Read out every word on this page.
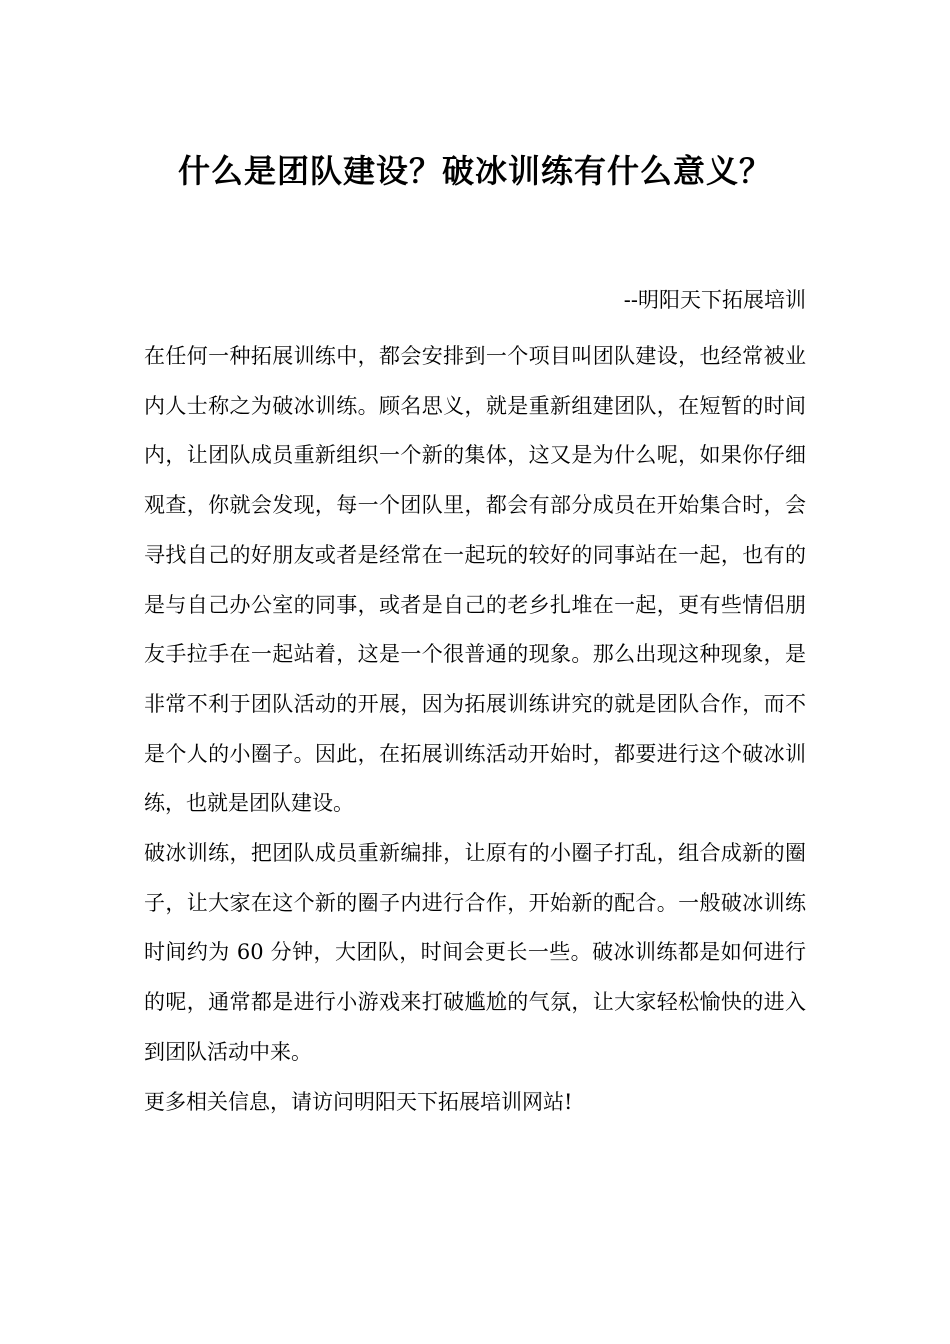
什么是团队建设？破冰训练有什么意义？

--明阳天下拓展培训

在任何一种拓展训练中，都会安排到一个项目叫团队建设，也经常被业内人士称之为破冰训练。顾名思义，就是重新组建团队，在短暂的时间内，让团队成员重新组织一个新的集体，这又是为什么呢，如果你仔细观查，你就会发现，每一个团队里，都会有部分成员在开始集合时，会寻找自己的好朋友或者是经常在一起玩的较好的同事站在一起，也有的是与自己办公室的同事，或者是自己的老乡扎堆在一起，更有些情侣朋友手拉手在一起站着，这是一个很普通的现象。那么出现这种现象，是非常不利于团队活动的开展，因为拓展训练讲究的就是团队合作，而不是个人的小圈子。因此，在拓展训练活动开始时，都要进行这个破冰训练，也就是团队建设。

破冰训练，把团队成员重新编排，让原有的小圈子打乱，组合成新的圈子，让大家在这个新的圈子内进行合作，开始新的配合。一般破冰训练时间约为 60 分钟，大团队，时间会更长一些。破冰训练都是如何进行的呢，通常都是进行小游戏来打破尴尬的气氛，让大家轻松愉快的进入到团队活动中来。

更多相关信息，请访问明阳天下拓展培训网站!
